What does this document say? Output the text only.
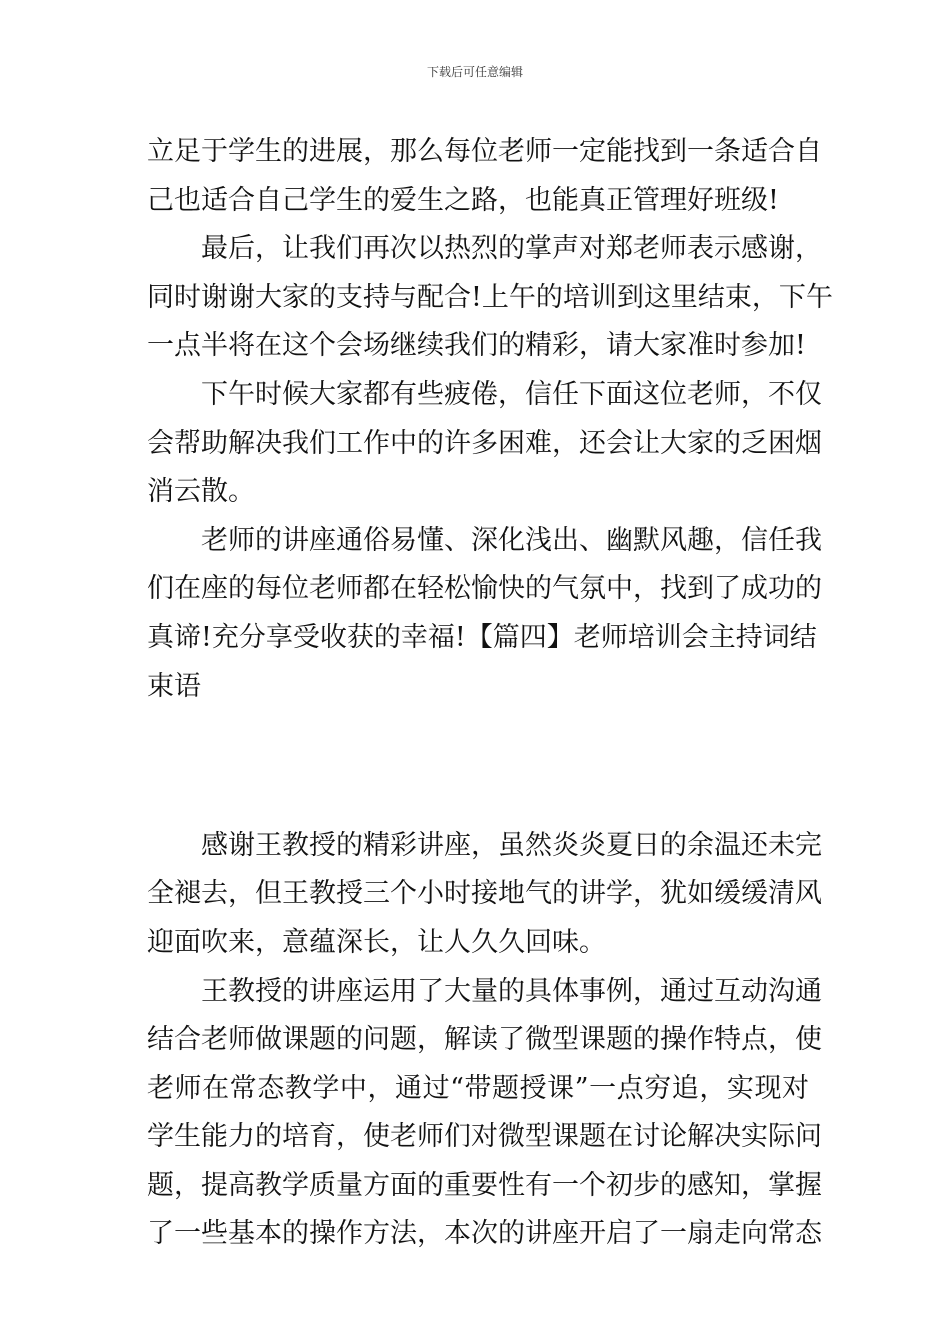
下载后可任意编辑
立足于学生的进展，那么每位老师一定能找到一条适合自
己也适合自己学生的爱生之路，也能真正管理好班级!
最后，让我们再次以热烈的掌声对郑老师表示感谢，
同时谢谢大家的支持与配合!上午的培训到这里结束，下午
一点半将在这个会场继续我们的精彩，请大家准时参加!
下午时候大家都有些疲倦，信任下面这位老师，不仅
会帮助解决我们工作中的许多困难，还会让大家的乏困烟
消云散。
老师的讲座通俗易懂、深化浅出、幽默风趣，信任我
们在座的每位老师都在轻松愉快的气氛中，找到了成功的
真谛!充分享受收获的幸福!【篇四】老师培训会主持词结
束语
感谢王教授的精彩讲座，虽然炎炎夏日的余温还未完
全褪去，但王教授三个小时接地气的讲学，犹如缓缓清风
迎面吹来，意蕴深长，让人久久回味。
王教授的讲座运用了大量的具体事例，通过互动沟通
结合老师做课题的问题，解读了微型课题的操作特点，使
老师在常态教学中，通过“带题授课”一点穷追，实现对
学生能力的培育，使老师们对微型课题在讨论解决实际问
题，提高教学质量方面的重要性有一个初步的感知，掌握
了一些基本的操作方法，本次的讲座开启了一扇走向常态
